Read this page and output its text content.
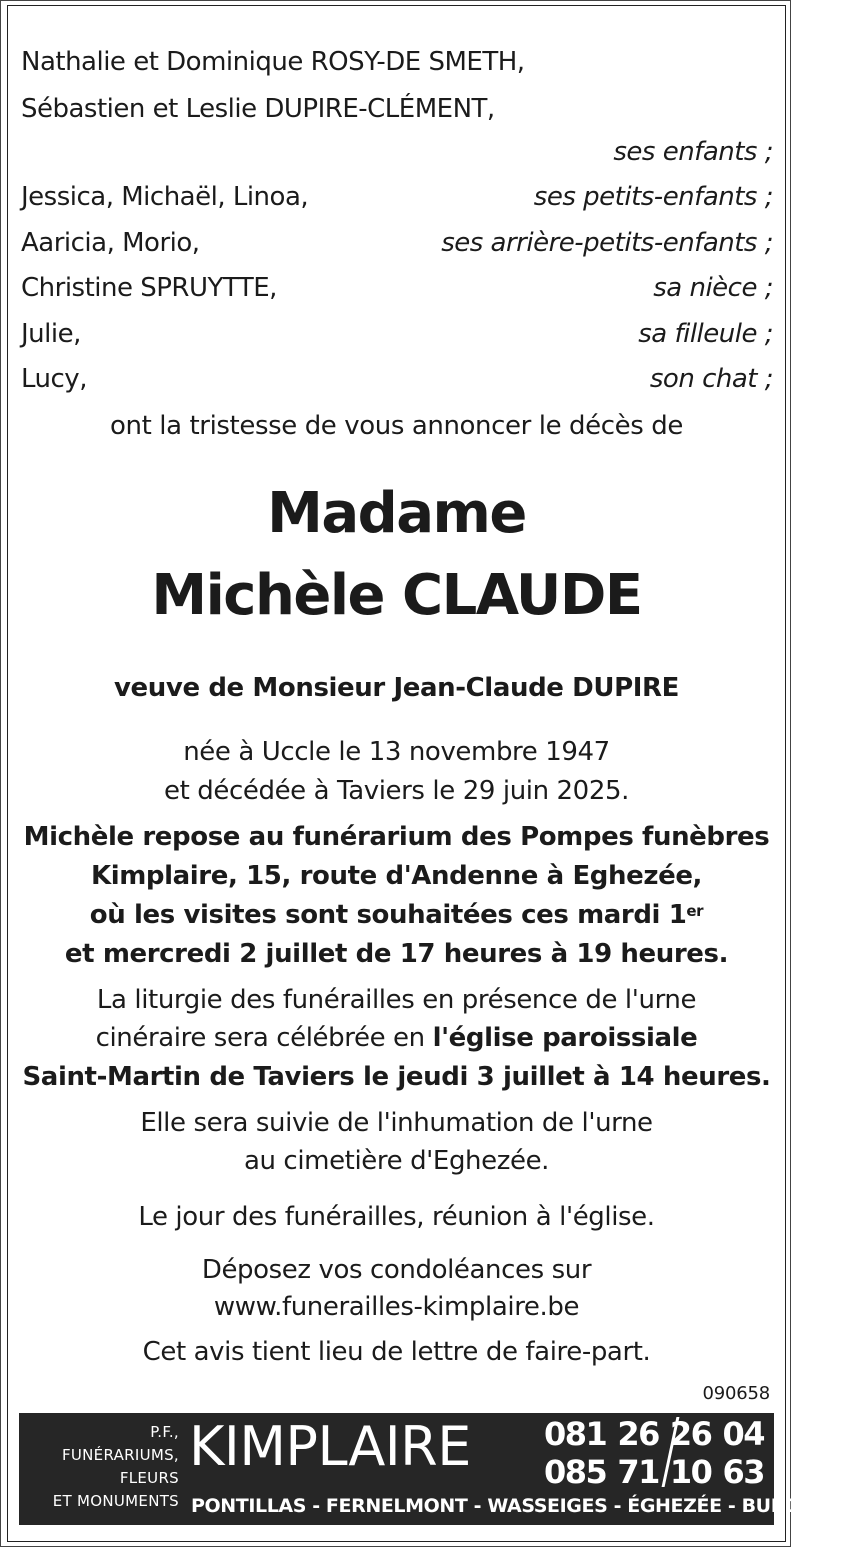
Nathalie et Dominique ROSY-DE SMETH,
Sébastien et Leslie DUPIRE-CLÉMENT,
ses enfants ;
Jessica, Michaël, Linoa,	ses petits-enfants ;
Aaricia, Morio,	ses arrière-petits-enfants ;
Christine SPRUYTTE,	sa nièce ;
Julie,	sa filleule ;
Lucy,	son chat ;
ont la tristesse de vous annoncer le décès de
Madame
Michèle CLAUDE
veuve de Monsieur Jean-Claude DUPIRE
née à Uccle le 13 novembre 1947
et décédée à Taviers le 29 juin 2025.
Michèle repose au funérarium des Pompes funèbres
Kimplaire, 15, route d'Andenne à Eghezée,
où les visites sont souhaitées ces mardi 1er
et mercredi 2 juillet de 17 heures à 19 heures.
La liturgie des funérailles en présence de l'urne
cinéraire sera célébrée en l'église paroissiale
Saint-Martin de Taviers le jeudi 3 juillet à 14 heures.
Elle sera suivie de l'inhumation de l'urne
au cimetière d'Eghezée.
Le jour des funérailles, réunion à l'église.
Déposez vos condoléances sur
www.funerailles-kimplaire.be
Cet avis tient lieu de lettre de faire-part.
090658
P.F.,
FUNÉRARIUMS,
FLEURS
ET MONUMENTS
KIMPLAIRE 081 26 26 04
085 71 10 63
PONTILLAS - FERNELMONT - WASSEIGES - ÉGHEZÉE - BURDINNE
